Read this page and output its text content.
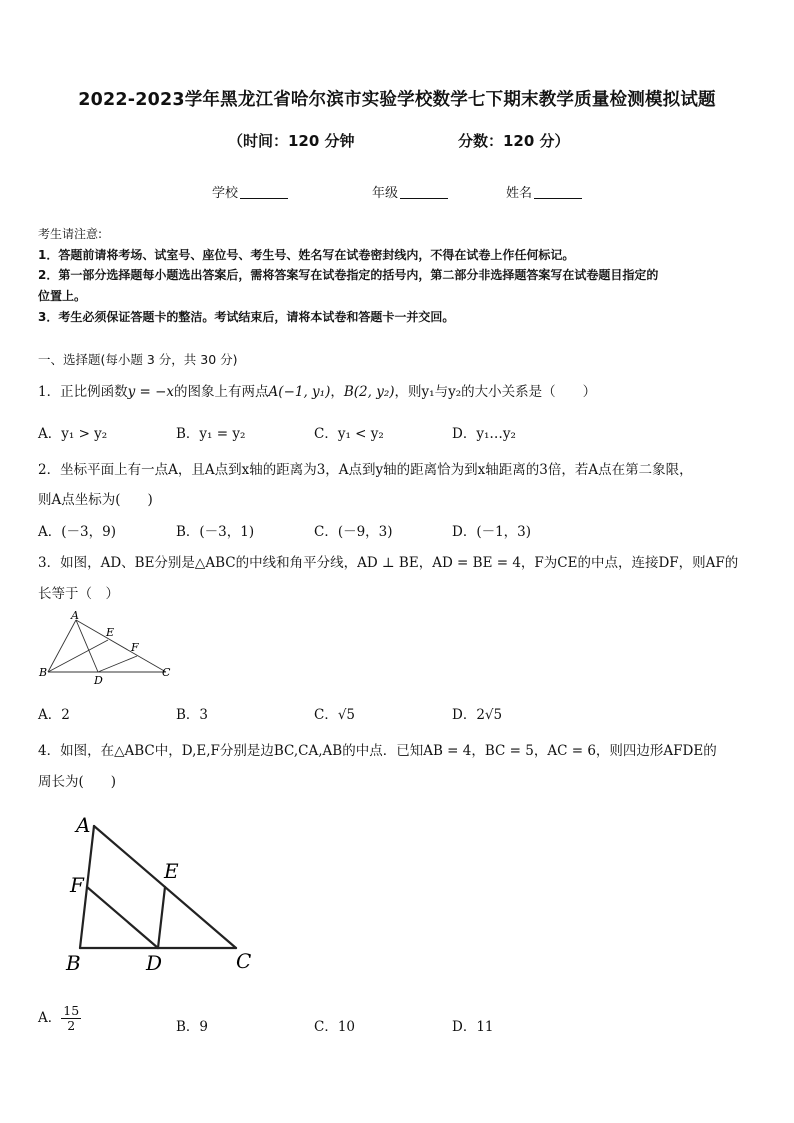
2022-2023学年黑龙江省哈尔滨市实验学校数学七下期末教学质量检测模拟试题
（时间：120 分钟	分数：120 分）
学校	年级	姓名
考生请注意:
1．答题前请将考场、试室号、座位号、考生号、姓名写在试卷密封线内，不得在试卷上作任何标记。
2．第一部分选择题每小题选出答案后，需将答案写在试卷指定的括号内，第二部分非选择题答案写在试卷题目指定的
位置上。
3．考生必须保证答题卡的整洁。考试结束后，请将本试卷和答题卡一并交回。
一、选择题(每小题 3 分，共 30 分)
1．正比例函数y = −x的图象上有两点A(−1, y₁)，B(2, y₂)，则y₁与y₂的大小关系是（　　）
A．y₁ > y₂	B．y₁ = y₂	C．y₁ < y₂	D．y₁…y₂
2．坐标平面上有一点A，且A点到x轴的距离为3，A点到y轴的距离恰为到x轴距离的3倍，若A点在第二象限，
则A点坐标为(　　)
A．(－3，9)	B．(－3，1)	C．(－9，3)	D．(－1，3)
3．如图，AD、BE分别是△ABC的中线和角平分线，AD ⊥ BE，AD = BE = 4，F为CE的中点，连接DF，则AF的
长等于（　）
A
E
F
B
D
C
A．2	B．3	C．√5	D．2√5
4．如图，在△ABC中，D,E,F分别是边BC,CA,AB的中点．已知AB = 4，BC = 5，AC = 6，则四边形AFDE的
周长为(　　)
A
F
E
B	D	C
A． $\frac{15}{2}$	B．9	C．10	D．11
